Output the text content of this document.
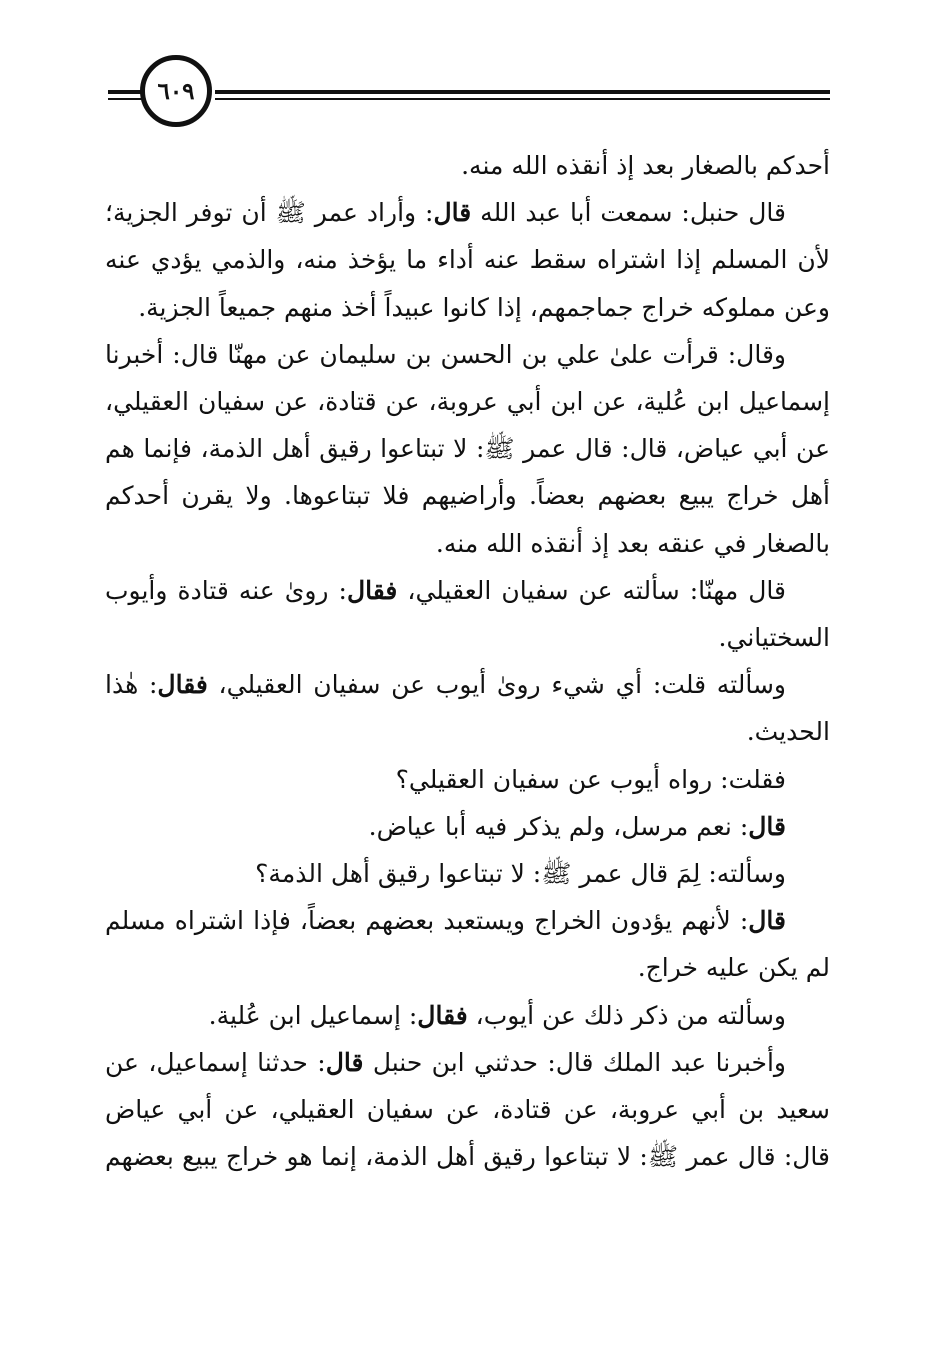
٦٠٩

أحدكم بالصغار بعد إذ أنقذه الله منه.

قال حنبل: سمعت أبا عبد الله قال: وأراد عمر ﷺ أن توفر الجزية؛ لأن المسلم إذا اشتراه سقط عنه أداء ما يؤخذ منه، والذمي يؤدي عنه وعن مملوكه خراج جماجمهم، إذا كانوا عبيداً أخذ منهم جميعاً الجزية.

وقال: قرأت علىٰ علي بن الحسن بن سليمان عن مهنّا قال: أخبرنا إسماعيل ابن عُلية، عن ابن أبي عروبة، عن قتادة، عن سفيان العقيلي، عن أبي عياض، قال: قال عمر ﷺ: لا تبتاعوا رقيق أهل الذمة، فإنما هم أهل خراج يبيع بعضهم بعضاً. وأراضيهم فلا تبتاعوها. ولا يقرن أحدكم بالصغار في عنقه بعد إذ أنقذه الله منه.

قال مهنّا: سألته عن سفيان العقيلي، فقال: روىٰ عنه قتادة وأيوب السختياني.

وسألته قلت: أي شيء روىٰ أيوب عن سفيان العقيلي، فقال: هٰذا الحديث.

فقلت: رواه أيوب عن سفيان العقيلي؟

قال: نعم مرسل، ولم يذكر فيه أبا عياض.

وسألته: لِمَ قال عمر ﷺ: لا تبتاعوا رقيق أهل الذمة؟

قال: لأنهم يؤدون الخراج ويستعبد بعضهم بعضاً، فإذا اشتراه مسلم لم يكن عليه خراج.

وسألته من ذكر ذلك عن أيوب، فقال: إسماعيل ابن عُلية.

وأخبرنا عبد الملك قال: حدثني ابن حنبل قال: حدثنا إسماعيل، عن سعيد بن أبي عروبة، عن قتادة، عن سفيان العقيلي، عن أبي عياض قال: قال عمر ﷺ: لا تبتاعوا رقيق أهل الذمة، إنما هو خراج يبيع بعضهم
